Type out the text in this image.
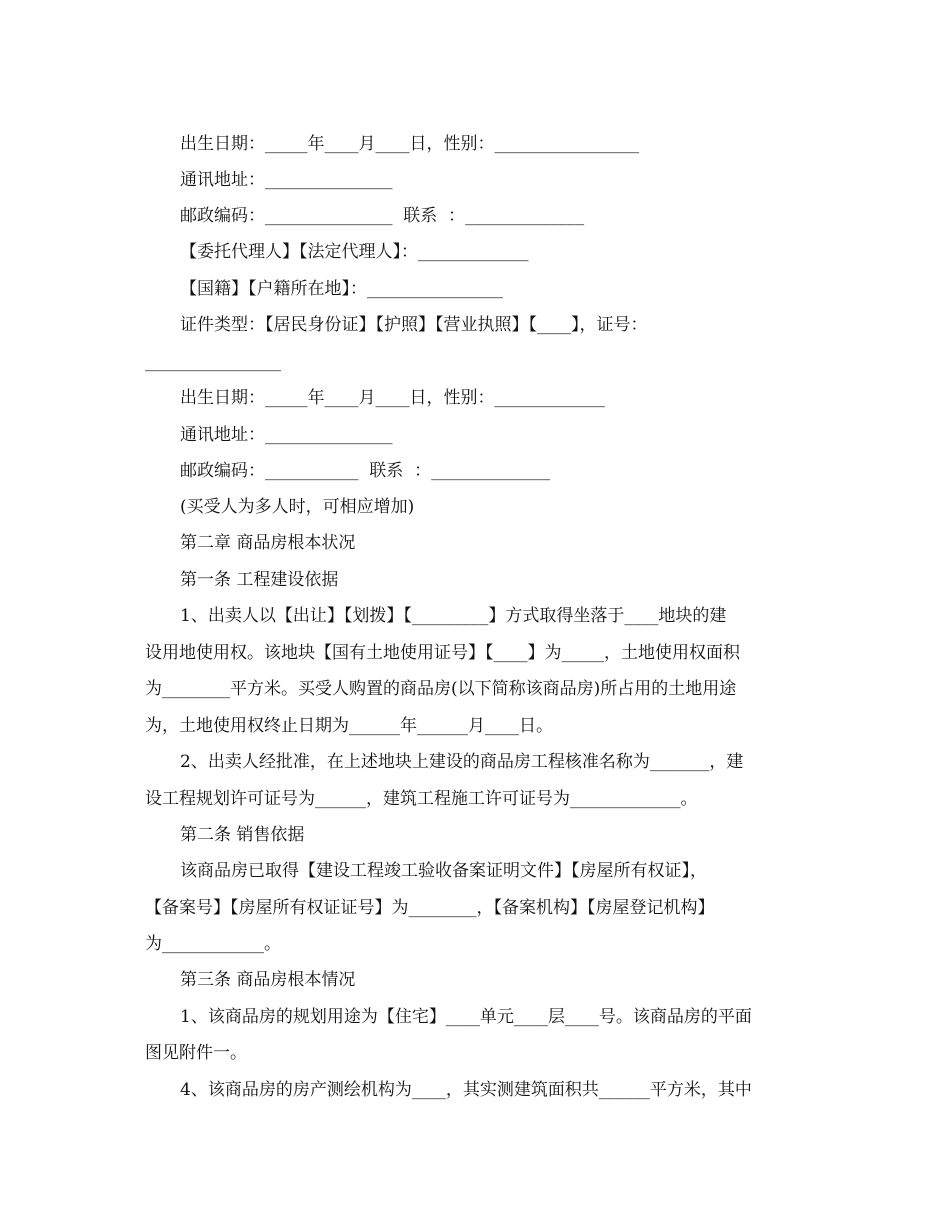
出生日期：_____年____月____日，性别：_________________
通讯地址：_______________
邮政编码：_______________  联系  ：______________
【委托代理人】【法定代理人】：_____________
【国籍】【户籍所在地】：________________
证件类型：【居民身份证】【护照】【营业执照】【____】，证号：
________________
出生日期：_____年____月____日，性别：_____________
通讯地址：_______________
邮政编码：___________  联系  ：______________
(买受人为多人时，可相应增加)
第二章 商品房根本状况
第一条 工程建设依据
1、出卖人以【出让】【划拨】【_________】方式取得坐落于____地块的建
设用地使用权。该地块【国有土地使用证号】【____】为_____，土地使用权面积
为________平方米。买受人购置的商品房(以下简称该商品房)所占用的土地用途
为，土地使用权终止日期为______年______月____日。
2、出卖人经批准，在上述地块上建设的商品房工程核准名称为_______，建
设工程规划许可证号为______，建筑工程施工许可证号为_____________。
第二条 销售依据
该商品房已取得【建设工程竣工验收备案证明文件】【房屋所有权证】，
【备案号】【房屋所有权证证号】为________，【备案机构】【房屋登记机构】
为____________。
第三条 商品房根本情况
1、该商品房的规划用途为【住宅】____单元____层____号。该商品房的平面
图见附件一。
4、该商品房的房产测绘机构为____，其实测建筑面积共______平方米，其中
